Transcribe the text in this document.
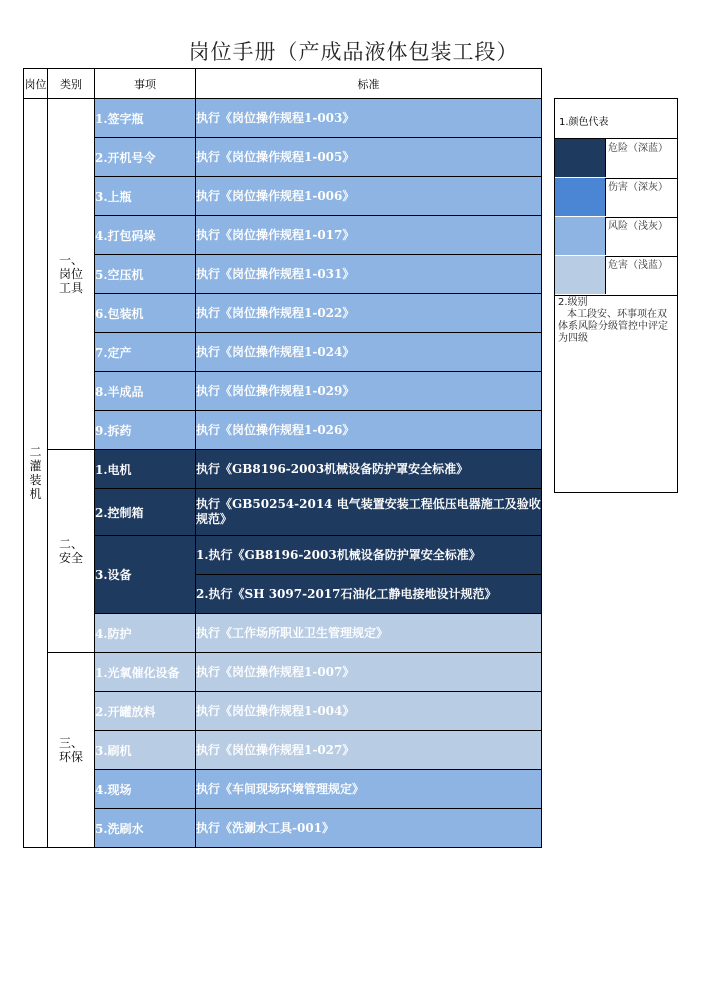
岗位手册（产成品液体包装工段）
岗位	类别	事项	标准
二灌装机	一、岗位工具	1.签字瓶	执行《岗位操作规程1-003》
		2.开机号令	执行《岗位操作规程1-005》
		3.上瓶	执行《岗位操作规程1-006》
		4.打包码垛	执行《岗位操作规程1-017》
		5.空压机	执行《岗位操作规程1-031》
		6.包装机	执行《岗位操作规程1-022》
		7.定产	执行《岗位操作规程1-024》
		8.半成品	执行《岗位操作规程1-029》
		9.拆药	执行《岗位操作规程1-026》
	二、安全	1.电机	执行《GB8196-2003机械设备防护罩安全标准》
		2.控制箱	执行《GB50254-2014 电气装置安装工程低压电器施工及验收规范》
		3.设备	1.执行《GB8196-2003机械设备防护罩安全标准》
			2.执行《SH 3097-2017石油化工静电接地设计规范》
		4.防护	执行《工作场所职业卫生管理规定》

	三、环保	1.光氧催化设备	执行《岗位操作规程1-007》
		2.开罐放料	执行《岗位操作规程1-004》
		3.刷机	执行《岗位操作规程1-027》
		4.现场	执行《车间现场环境管理规定》
		5.洗刷水	执行《洗涮水工具-001》
1.颜色代表
危险（深蓝）
伤害（深灰）
风险（浅灰）
危害（浅蓝）
2.级别
本工段安、环事项在双体系风险分级管控中评定为四级
